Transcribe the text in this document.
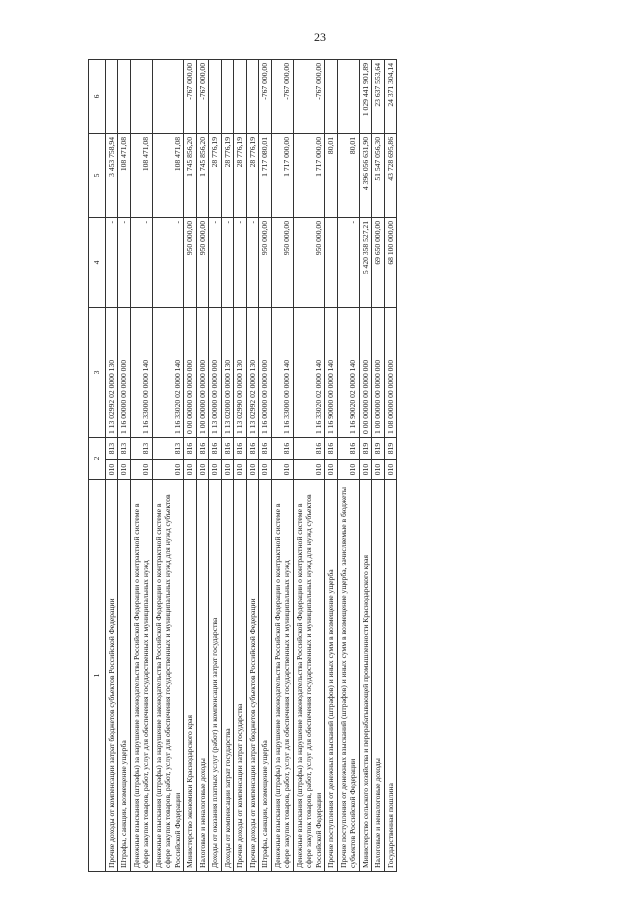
23
1	2		3	4	5	6
Прочие доходы от компенсации затрат бюджетов субъектов Российской Федерации	010	813	1 13 02992 02 0000 130	-	3 453 758,94	
Штрафы, санкции, возмещение ущерба	010	813	1 16 00000 00 0000 000	-	108 471,08	
Денежные взыскания (штрафы) за нарушение законодательства Российской Федерации о контрактной системе в сфере закупок товаров, работ, услуг для обеспечения государственных и муниципальных нужд	010	813	1 16 33000 00 0000 140	-	108 471,08	
Денежные взыскания (штрафы) за нарушение законодательства Российской Федерации о контрактной системе в сфере закупок товаров, работ, услуг для обеспечения государственных и муниципальных нужд для нужд субъектов Российской Федерации	010	813	1 16 33020 02 0000 140	-	108 471,08	
Министерство экономики Краснодарского края	010	816	0 00 00000 00 0000 000	950 000,00	1 745 856,20	-767 000,00
Налоговые и неналоговые доходы	010	816	1 00 00000 00 0000 000	950 000,00	1 745 856,20	-767 000,00
Доходы от оказания платных услуг (работ) и компенсации затрат государства	010	816	1 13 00000 00 0000 000	-	28 776,19	
Доходы от компенсации затрат государства	010	816	1 13 02000 00 0000 130	-	28 776,19	
Прочие доходы от компенсации затрат государства	010	816	1 13 02990 00 0000 130	-	28 776,19	
Прочие доходы от компенсации затрат бюджетов субъектов Российской Федерации	010	816	1 13 02992 02 0000 130	-	28 776,19	
Штрафы, санкции, возмещение ущерба	010	816	1 16 00000 00 0000 000	950 000,00	1 717 080,01	-767 000,00
Денежные взыскания (штрафы) за нарушение законодательства Российской Федерации о контрактной системе в сфере закупок товаров, работ, услуг для обеспечения государственных и муниципальных нужд	010	816	1 16 33000 00 0000 140	950 000,00	1 717 000,00	-767 000,00
Денежные взыскания (штрафы) за нарушение законодательства Российской Федерации о контрактной системе в сфере закупок товаров, работ, услуг для обеспечения государственных и муниципальных нужд для нужд субъектов Российской Федерации	010	816	1 16 33020 02 0000 140	950 000,00	1 717 000,00	-767 000,00
Прочие поступления от денежных взысканий (штрафов) и иных сумм в возмещение ущерба	010	816	1 16 90000 00 0000 140		80,01	
Прочие поступления от денежных взысканий (штрафов) и иных сумм в возмещение ущерба, зачисляемые в бюджеты субъектов Российской Федерации	010	816	1 16 90020 02 0000 140	-	80,01	
Министерство сельского хозяйства и перерабатывающей промышленности Краснодарского края	010	819	0 00 00000 00 0000 000	5 420 358 527,21	4 396 056 631,90	1 029 441 901,89
Налоговые и неналоговые доходы	010	819	1 00 00000 00 0000 000	69 650 000,00	51 547 056,30	23 637 553,64
Государственная пошлина	010	819	1 08 00000 00 0000 000	68 100 000,00	43 728 695,86	24 371 304,14
